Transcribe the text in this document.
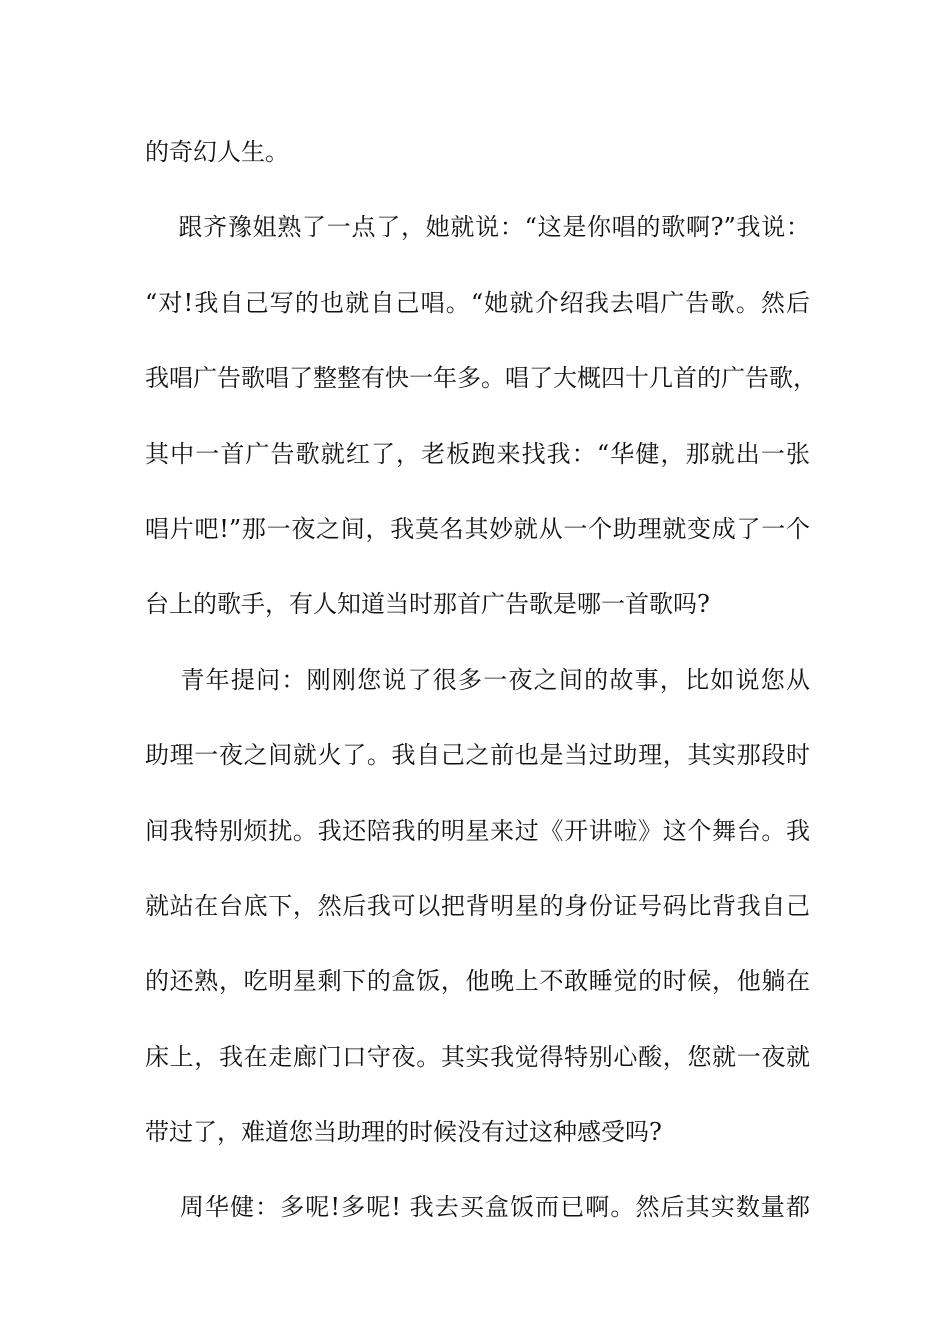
的奇幻人生。
跟齐豫姐熟了一点了，她就说：“这是你唱的歌啊?”我说：
“对!我自己写的也就自己唱。“她就介绍我去唱广告歌。然后
我唱广告歌唱了整整有快一年多。唱了大概四十几首的广告歌，
其中一首广告歌就红了，老板跑来找我：“华健，那就出一张
唱片吧!”那一夜之间，我莫名其妙就从一个助理就变成了一个
台上的歌手，有人知道当时那首广告歌是哪一首歌吗?
青年提问：刚刚您说了很多一夜之间的故事，比如说您从
助理一夜之间就火了。我自己之前也是当过助理，其实那段时
间我特别烦扰。我还陪我的明星来过《开讲啦》这个舞台。我
就站在台底下，然后我可以把背明星的身份证号码比背我自己
的还熟，吃明星剩下的盒饭，他晚上不敢睡觉的时候，他躺在
床上，我在走廊门口守夜。其实我觉得特别心酸，您就一夜就
带过了，难道您当助理的时候没有过这种感受吗?
周华健：多呢!多呢! 我去买盒饭而已啊。然后其实数量都
